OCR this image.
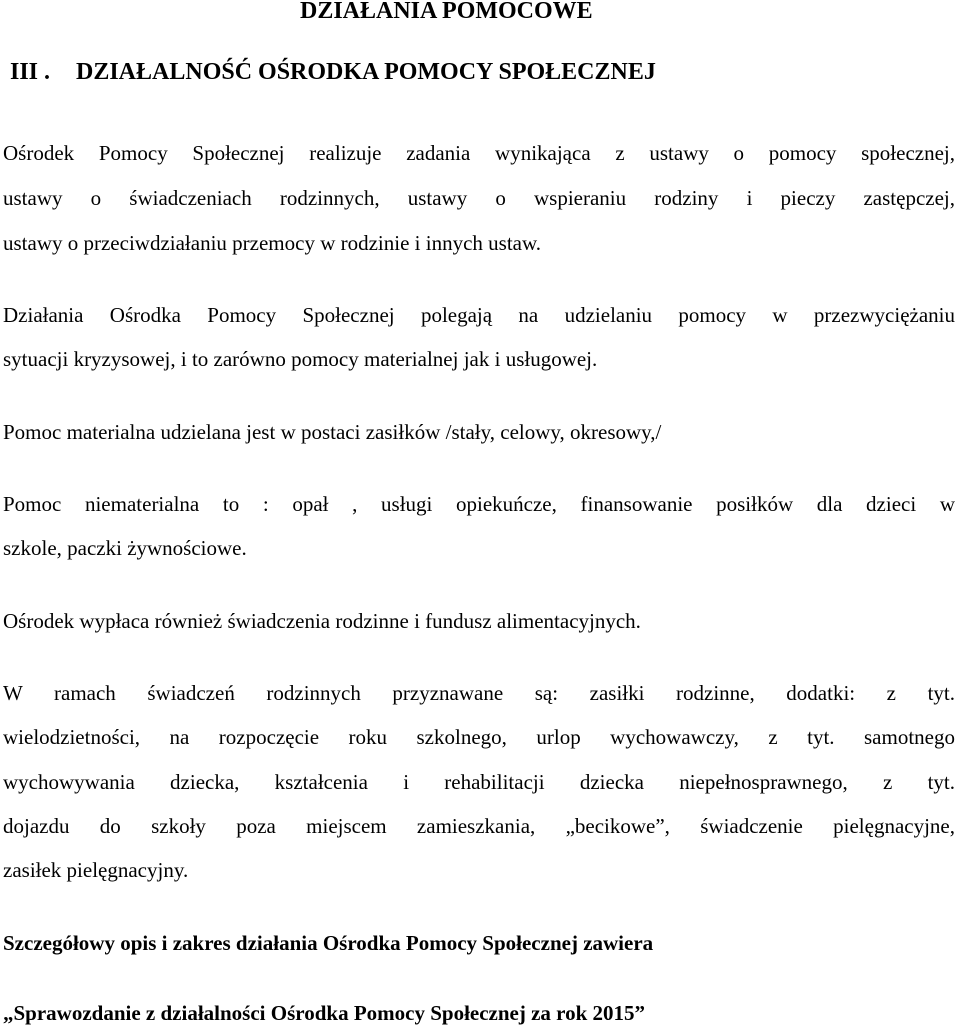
DZIAŁANIA POMOCOWE
III . DZIAŁALNOŚĆ OŚRODKA POMOCY SPOŁECZNEJ
Ośrodek Pomocy Społecznej realizuje zadania wynikająca z ustawy o pomocy społecznej,
ustawy o świadczeniach rodzinnych, ustawy o wspieraniu rodziny i pieczy zastępczej,
ustawy o przeciwdziałaniu przemocy w rodzinie i innych ustaw.
Działania Ośrodka Pomocy Społecznej polegają na udzielaniu pomocy w przezwyciężaniu
sytuacji kryzysowej, i to zarówno pomocy materialnej jak i usługowej.
Pomoc materialna udzielana jest w postaci zasiłków /stały, celowy, okresowy,/
Pomoc niematerialna to : opał , usługi opiekuńcze, finansowanie posiłków dla dzieci w
szkole, paczki żywnościowe.
Ośrodek wypłaca również świadczenia rodzinne i fundusz alimentacyjnych.
W ramach świadczeń rodzinnych przyznawane są: zasiłki rodzinne, dodatki: z tyt.
wielodzietności, na rozpoczęcie roku szkolnego, urlop wychowawczy, z tyt. samotnego
wychowywania dziecka, kształcenia i rehabilitacji dziecka niepełnosprawnego, z tyt.
dojazdu do szkoły poza miejscem zamieszkania, „becikowe”, świadczenie pielęgnacyjne,
zasiłek pielęgnacyjny.
Szczegółowy opis i zakres działania Ośrodka Pomocy Społecznej zawiera
„Sprawozdanie z działalności Ośrodka Pomocy Społecznej za rok 2015”
